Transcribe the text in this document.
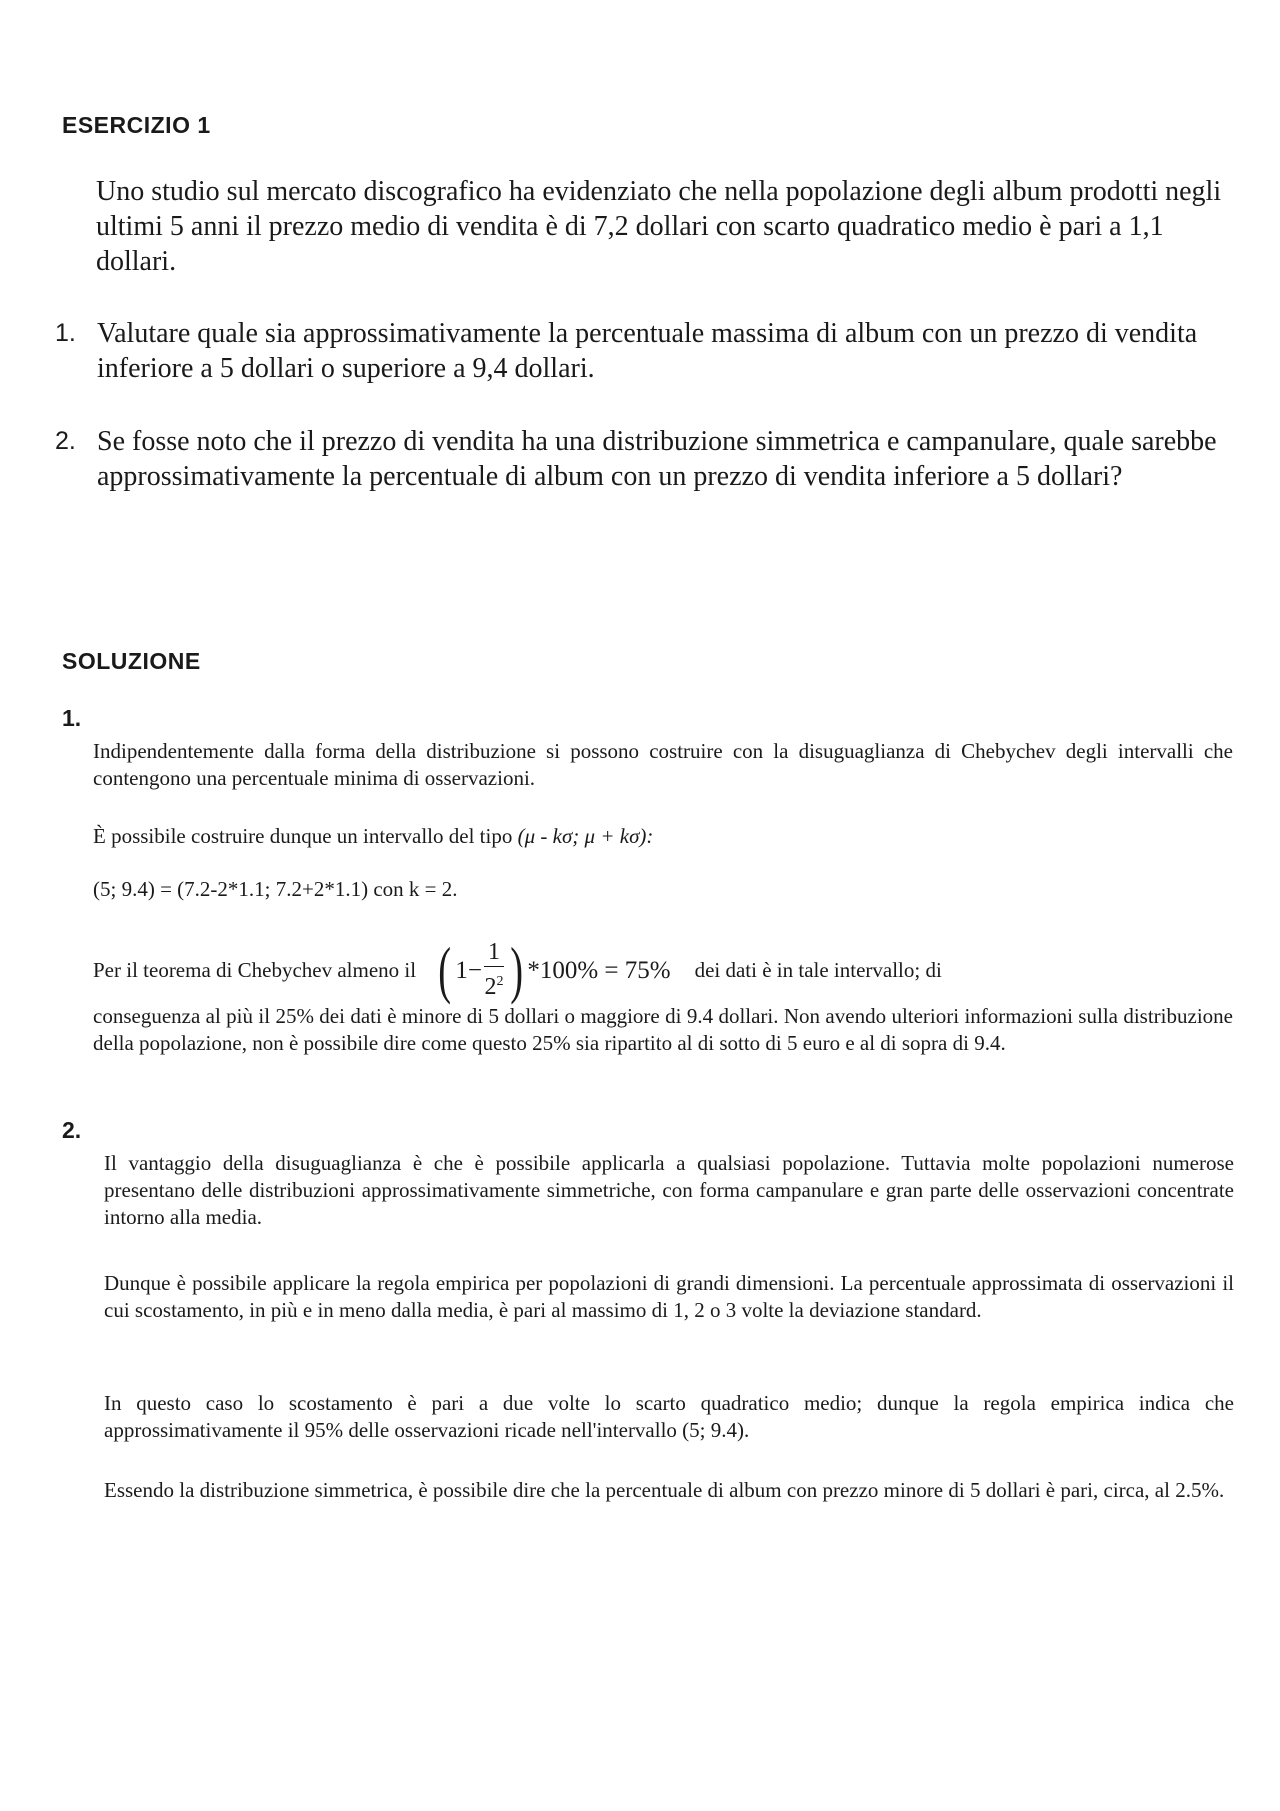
ESERCIZIO 1
Uno studio sul mercato discografico ha evidenziato che nella popolazione degli album prodotti negli ultimi 5 anni il prezzo medio di vendita è di 7,2 dollari con scarto quadratico medio è pari a 1,1 dollari.
1. Valutare quale sia approssimativamente la percentuale massima di album con un prezzo di vendita inferiore a 5 dollari o superiore a 9,4 dollari.
2. Se fosse noto che il prezzo di vendita ha una distribuzione simmetrica e campanulare, quale sarebbe approssimativamente la percentuale di album con un prezzo di vendita inferiore a 5 dollari?
SOLUZIONE
1.
Indipendentemente dalla forma della distribuzione si possono costruire con la disuguaglianza di Chebychev degli intervalli che contengono una percentuale minima di osservazioni.
È possibile costruire dunque un intervallo del tipo (μ - kσ; μ + kσ):
(5; 9.4) = (7.2-2*1.1; 7.2+2*1.1) con k = 2.
Per il teorema di Chebychev almeno il ( $1 - \frac{1}{2^2}$ ) *100% = 75% dei dati è in tale intervallo; di
conseguenza al più il 25% dei dati è minore di 5 dollari o maggiore di 9.4 dollari. Non avendo ulteriori informazioni sulla distribuzione della popolazione, non è possibile dire come questo 25% sia ripartito al di sotto di 5 euro e al di sopra di 9.4.
2.
Il vantaggio della disuguaglianza è che è possibile applicarla a qualsiasi popolazione. Tuttavia molte popolazioni numerose presentano delle distribuzioni approssimativamente simmetriche, con forma campanulare e gran parte delle osservazioni concentrate intorno alla media.
Dunque è possibile applicare la regola empirica per popolazioni di grandi dimensioni. La percentuale approssimata di osservazioni il cui scostamento, in più e in meno dalla media, è pari al massimo di 1, 2 o 3 volte la deviazione standard.
In questo caso lo scostamento è pari a due volte lo scarto quadratico medio; dunque la regola empirica indica che approssimativamente il 95% delle osservazioni ricade nell'intervallo (5; 9.4).
Essendo la distribuzione simmetrica, è possibile dire che la percentuale di album con prezzo minore di 5 dollari è pari, circa, al 2.5%.
